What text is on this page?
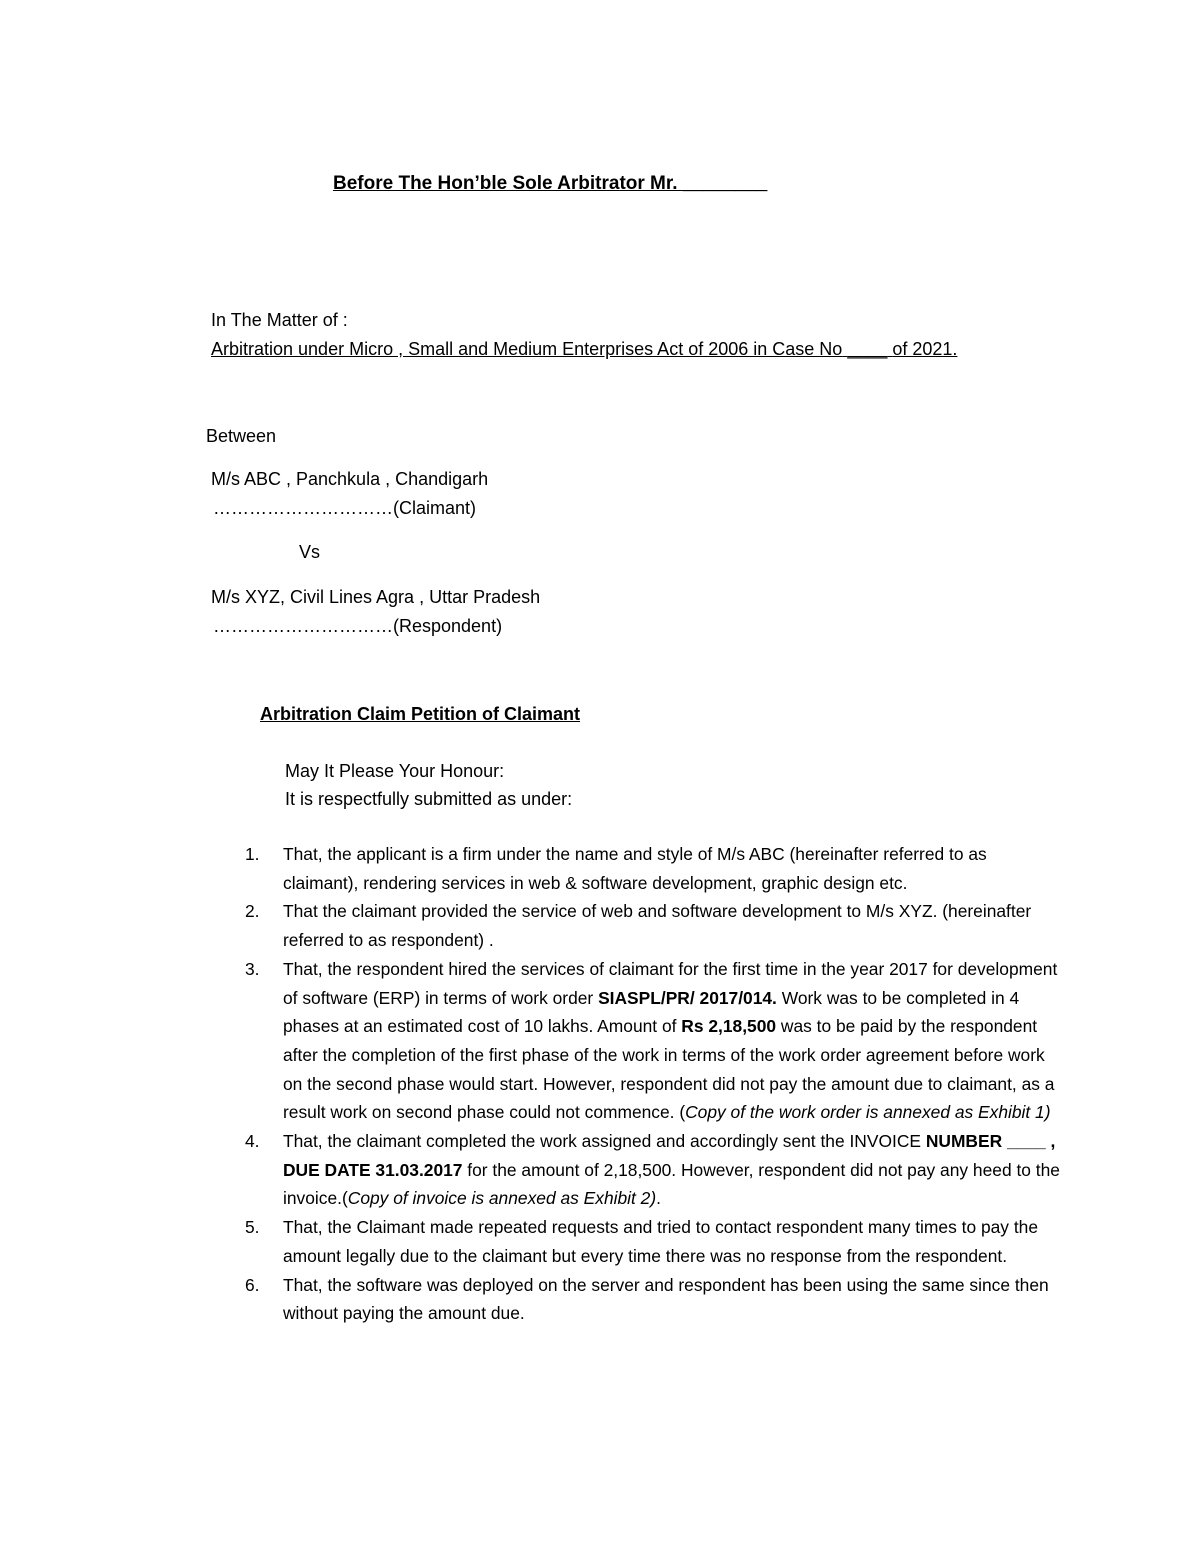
Before The Hon’ble Sole Arbitrator Mr. ________
In The Matter of :
Arbitration under Micro , Small and Medium Enterprises Act of 2006 in Case No ____ of 2021.
Between
M/s ABC , Panchkula , Chandigarh
…………………………(Claimant)
Vs
M/s XYZ, Civil Lines Agra , Uttar Pradesh
…………………………(Respondent)
Arbitration Claim Petition of Claimant
May It Please Your Honour:
It is respectfully submitted as under:
1. That, the applicant is a firm under the name and style of M/s ABC (hereinafter referred to as claimant), rendering services in web & software development, graphic design etc.
2. That the claimant provided the service of web and software development to M/s XYZ. (hereinafter referred to as respondent) .
3. That, the respondent hired the services of claimant for the first time in the year 2017 for development of software (ERP) in terms of work order SIASPL/PR/ 2017/014. Work was to be completed in 4 phases at an estimated cost of 10 lakhs. Amount of Rs 2,18,500 was to be paid by the respondent after the completion of the first phase of the work in terms of the work order agreement before work on the second phase would start. However, respondent did not pay the amount due to claimant, as a result work on second phase could not commence. (Copy of the work order is annexed as Exhibit 1)
4. That, the claimant completed the work assigned and accordingly sent the INVOICE NUMBER ____ , DUE DATE 31.03.2017 for the amount of 2,18,500. However, respondent did not pay any heed to the invoice.(Copy of invoice is annexed as Exhibit 2).
5. That, the Claimant made repeated requests and tried to contact respondent many times to pay the amount legally due to the claimant but every time there was no response from the respondent.
6. That, the software was deployed on the server and respondent has been using the same since then without paying the amount due.
